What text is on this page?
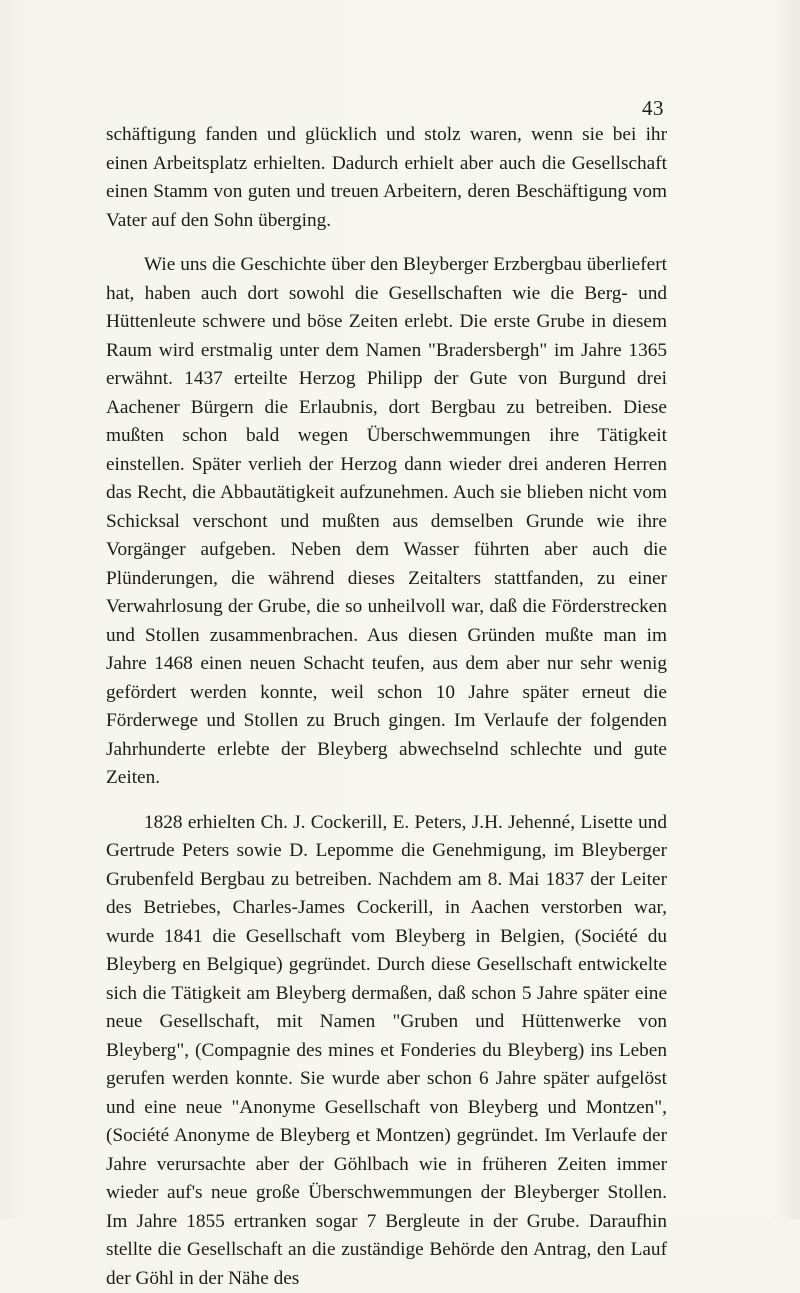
43

schäftigung fanden und glücklich und stolz waren, wenn sie bei ihr einen Arbeitsplatz erhielten. Dadurch erhielt aber auch die Gesellschaft einen Stamm von guten und treuen Arbeitern, deren Beschäftigung vom Vater auf den Sohn überging.

Wie uns die Geschichte über den Bleyberger Erzbergbau überliefert hat, haben auch dort sowohl die Gesellschaften wie die Berg- und Hüttenleute schwere und böse Zeiten erlebt. Die erste Grube in diesem Raum wird erstmalig unter dem Namen "Bradersbergh" im Jahre 1365 erwähnt. 1437 erteilte Herzog Philipp der Gute von Burgund drei Aachener Bürgern die Erlaubnis, dort Bergbau zu betreiben. Diese mußten schon bald wegen Überschwemmungen ihre Tätigkeit einstellen. Später verlieh der Herzog dann wieder drei anderen Herren das Recht, die Abbautätigkeit aufzunehmen. Auch sie blieben nicht vom Schicksal verschont und mußten aus demselben Grunde wie ihre Vorgänger aufgeben. Neben dem Wasser führten aber auch die Plünderungen, die während dieses Zeitalters stattfanden, zu einer Verwahrlosung der Grube, die so unheilvoll war, daß die Förderstrecken und Stollen zusammenbrachen. Aus diesen Gründen mußte man im Jahre 1468 einen neuen Schacht teufen, aus dem aber nur sehr wenig gefördert werden konnte, weil schon 10 Jahre später erneut die Förderwege und Stollen zu Bruch gingen. Im Verlaufe der folgenden Jahrhunderte erlebte der Bleyberg abwechselnd schlechte und gute Zeiten.

1828 erhielten Ch. J. Cockerill, E. Peters, J.H. Jehenné, Lisette und Gertrude Peters sowie D. Lepomme die Genehmigung, im Bleyberger Grubenfeld Bergbau zu betreiben. Nachdem am 8. Mai 1837 der Leiter des Betriebes, Charles-James Cockerill, in Aachen verstorben war, wurde 1841 die Gesellschaft vom Bleyberg in Belgien, (Société du Bleyberg en Belgique) gegründet. Durch diese Gesellschaft entwickelte sich die Tätigkeit am Bleyberg dermaßen, daß schon 5 Jahre später eine neue Gesellschaft, mit Namen "Gruben und Hüttenwerke von Bleyberg", (Compagnie des mines et Fonderies du Bleyberg) ins Leben gerufen werden konnte. Sie wurde aber schon 6 Jahre später aufgelöst und eine neue "Anonyme Gesellschaft von Bleyberg und Montzen", (Société Anonyme de Bleyberg et Montzen) gegründet. Im Verlaufe der Jahre verursachte aber der Göhlbach wie in früheren Zeiten immer wieder auf's neue große Überschwemmungen der Bleyberger Stollen. Im Jahre 1855 ertranken sogar 7 Bergleute in der Grube. Daraufhin stellte die Gesellschaft an die zuständige Behörde den Antrag, den Lauf der Göhl in der Nähe des
